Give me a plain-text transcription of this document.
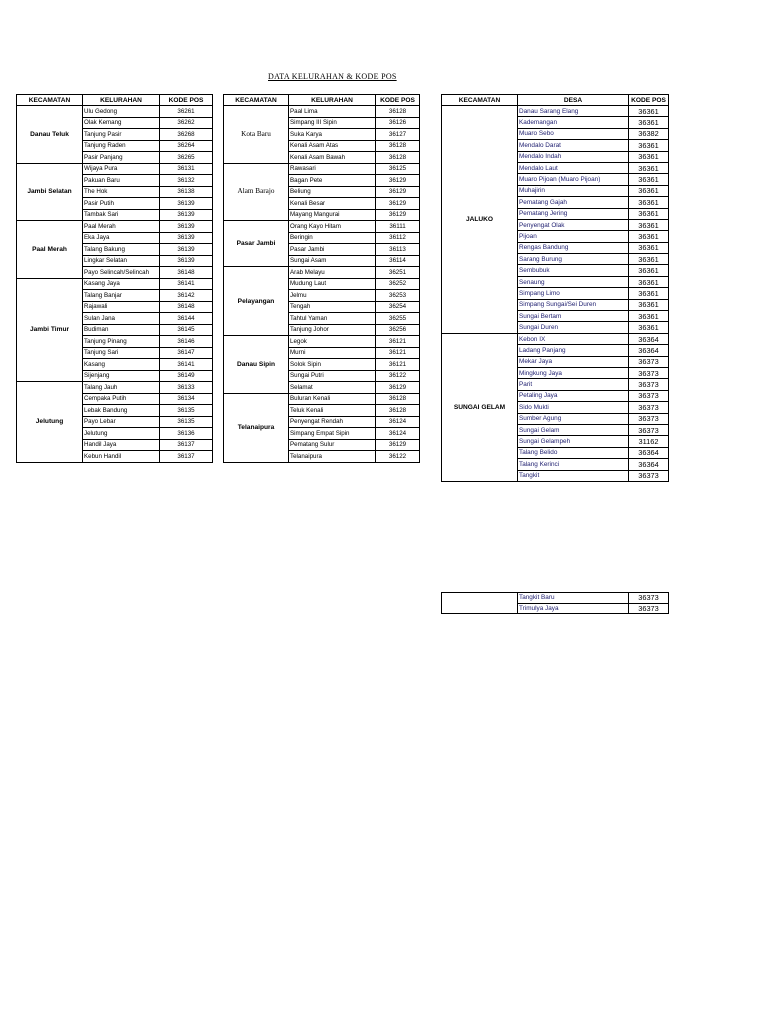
DATA KELURAHAN & KODE POS
KECAMATAN	KELURAHAN	KODE POS
Danau Teluk	Ulu Gedong	36261
	Olak Kemang	36262
	Tanjung Pasir	36268
	Tanjung Raden	36264
	Pasir Panjang	36265
Jambi Selatan	Wijaya Pura	36131
	Pakuan Baru	36132
	The Hok	36138
	Pasir Putih	36139
	Tambak Sari	36139
Paal Merah	Paal Merah	36139
	Eka Jaya	36139
	Talang Bakung	36139
	Lingkar Selatan	36139
	Payo Selincah/Selincah	36148
Jambi Timur	Kasang Jaya	36141
	Talang Banjar	36142
	Rajawali	36148
	Sulan Jana	36144
	Budiman	36145
	Tanjung Pinang	36146
	Tanjung Sari	36147
	Kasang	36141
	Sijenjang	36149
Jelutung	Talang Jauh	36133
	Cempaka Putih	36134
	Lebak Bandung	36135
	Payo Lebar	36135
	Jelutung	36136
	Handil Jaya	36137
	Kebun Handil	36137
KECAMATAN	KELURAHAN	KODE POS
Kota Baru	Paal Lima	36128
	Simpang III Sipin	36126
	Suka Karya	36127
	Kenali Asam Atas	36128
	Kenali Asam Bawah	36128
Alam Barajo	Rawasari	36125
	Bagan Pete	36129
	Beliung	36129
	Kenali Besar	36129
	Mayang Mangurai	36129
Pasar Jambi	Orang Kayo Hitam	36111
	Beringin	36112
	Pasar Jambi	36113
	Sungai Asam	36114
Pelayangan	Arab Melayu	36251
	Mudung Laut	36252
	Jelmu	36253
	Tengah	36254
	Tahtul Yaman	36255
	Tanjung Johor	36256
Danau Sipin	Legok	36121
	Murni	36121
	Solok Sipin	36121
	Sungai Putri	36122
	Selamat	36129
Telanaipura	Buluran Kenali	36128
	Teluk Kenali	36128
	Penyengat Rendah	36124
	Simpang Empat Sipin	36124
	Pematang Sulur	36129
	Telanaipura	36122
KECAMATAN	DESA	KODE POS
JALUKO	Danau Sarang Elang	36361
	Kademangan	36361
	Muaro Sebo	36382
	Mendalo Darat	36361
	Mendalo Indah	36361
	Mendalo Laut	36361
	Muaro Pijoan (Muaro Pijoan)	36361
	Muhajirin	36361
	Pematang Gajah	36361
	Pematang Jering	36361
	Penyengat Olak	36361
	Pijoan	36361
	Rengas Bandung	36361
	Sarang Burung	36361
	Sembubuk	36361
	Senaung	36361
	Simpang Limo	36361
	Simpang Sungai/Sei Duren	36361
	Sungai Bertam	36361
	Sungai Duren	36361
SUNGAI GELAM	Kebon IX	36364
	Ladang Panjang	36364
	Mekar Jaya	36373
	Mingkung Jaya	36373
	Parit	36373
	Petaling Jaya	36373
	Sido Mukti	36373
	Sumber Agung	36373
	Sungai Gelam	36373
	Sungai Gelampeh	31162
	Talang Belido	36364
	Talang Kerinci	36364
	Tangkit	36373
	Tangkit Baru	36373
	Trimulya Jaya	36373
